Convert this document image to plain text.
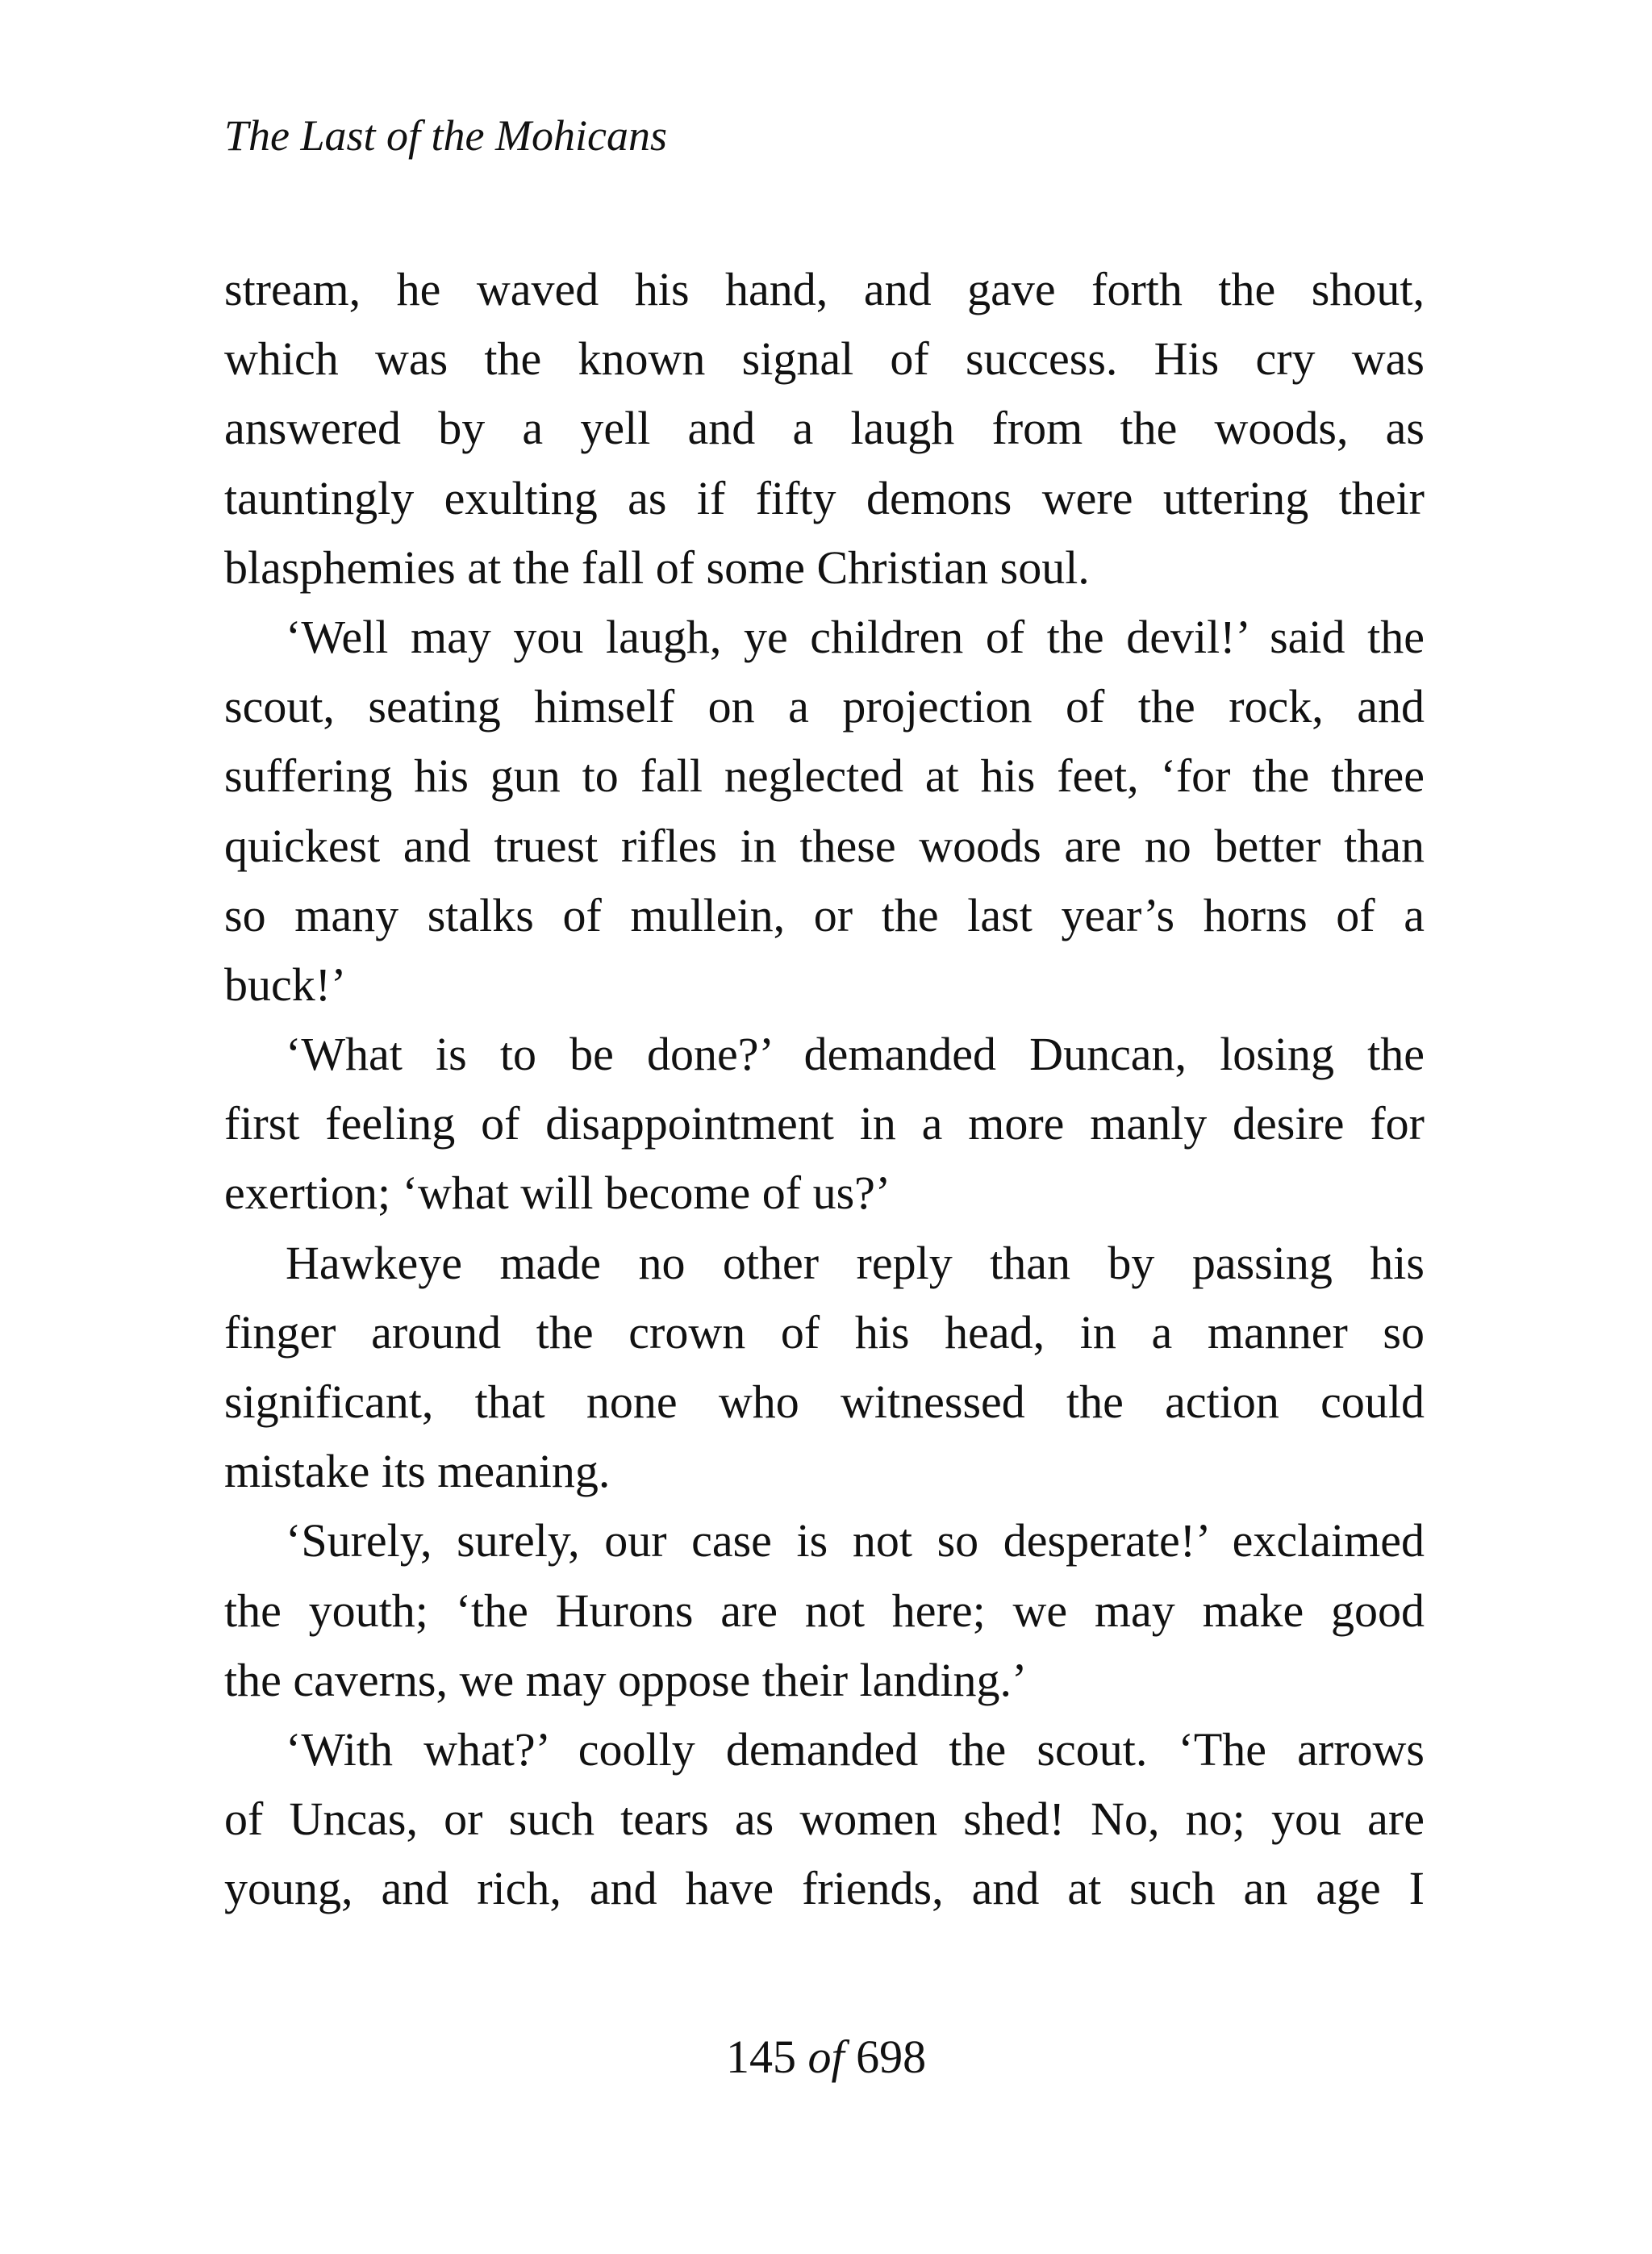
The Last of the Mohicans
stream, he waved his hand, and gave forth the shout,
which was the known signal of success. His cry was
answered by a yell and a laugh from the woods, as
tauntingly exulting as if fifty demons were uttering their
blasphemies at the fall of some Christian soul.
‘Well may you laugh, ye children of the devil!’ said the
scout, seating himself on a projection of the rock, and
suffering his gun to fall neglected at his feet, ‘for the three
quickest and truest rifles in these woods are no better than
so many stalks of mullein, or the last year’s horns of a
buck!’
‘What is to be done?’ demanded Duncan, losing the
first feeling of disappointment in a more manly desire for
exertion; ‘what will become of us?’
Hawkeye made no other reply than by passing his
finger around the crown of his head, in a manner so
significant, that none who witnessed the action could
mistake its meaning.
‘Surely, surely, our case is not so desperate!’ exclaimed
the youth; ‘the Hurons are not here; we may make good
the caverns, we may oppose their landing.’
‘With what?’ coolly demanded the scout. ‘The arrows
of Uncas, or such tears as women shed! No, no; you are
young, and rich, and have friends, and at such an age I
145 of 698
